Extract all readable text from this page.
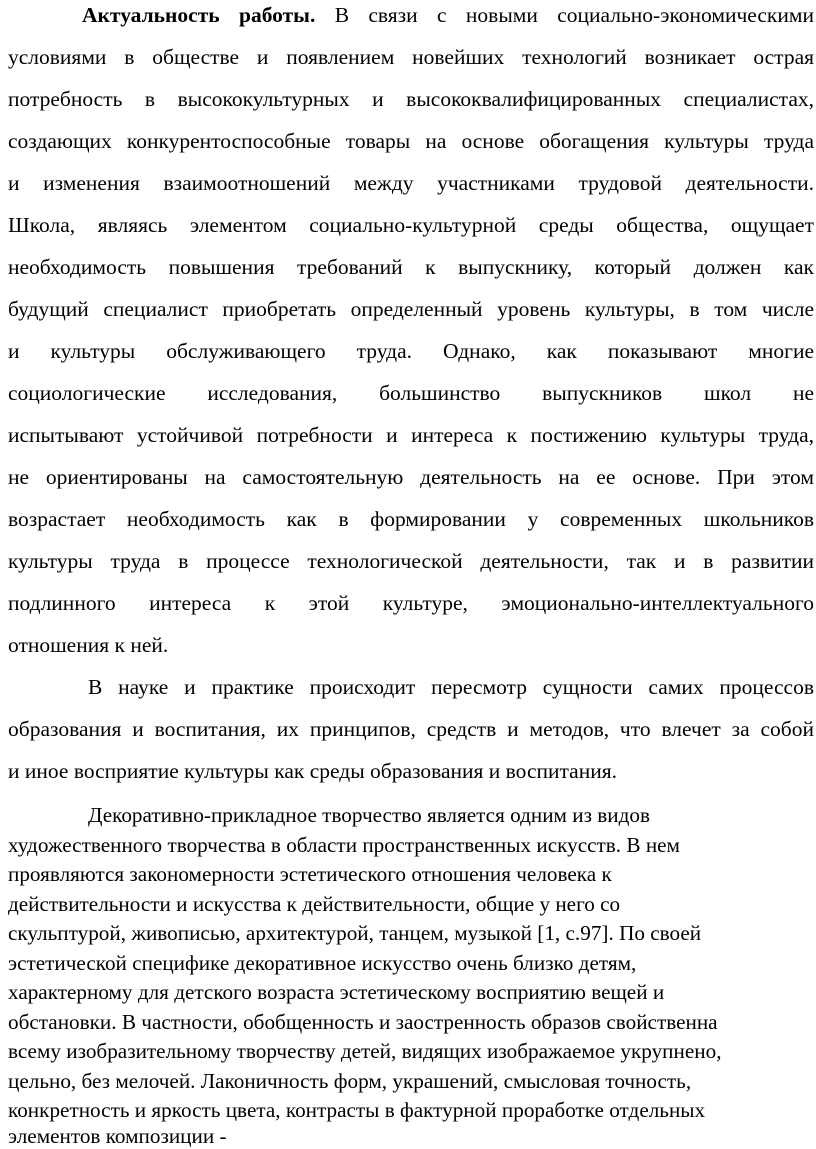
Актуальность работы. В связи с новыми социально-экономическими
условиями в обществе и появлением новейших технологий возникает острая
потребность в высококультурных и высококвалифицированных специалистах,
создающих конкурентоспособные товары на основе обогащения культуры труда
и изменения взаимоотношений между участниками трудовой деятельности.
Школа, являясь элементом социально-культурной среды общества, ощущает
необходимость повышения требований к выпускнику, который должен как
будущий специалист приобретать определенный уровень культуры, в том числе
и культуры обслуживающего труда. Однако, как показывают многие
социологические исследования, большинство выпускников школ не
испытывают устойчивой потребности и интереса к постижению культуры труда,
не ориентированы на самостоятельную деятельность на ее основе. При этом
возрастает необходимость как в формировании у современных школьников
культуры труда в процессе технологической деятельности, так и в развитии
подлинного интереса к этой культуре, эмоционально-интеллектуального
отношения к ней.
В науке и практике происходит пересмотр сущности самих процессов
образования и воспитания, их принципов, средств и методов, что влечет за собой
и иное восприятие культуры как среды образования и воспитания.
Декоративно-прикладное творчество является одним из видов
художественного творчества в области пространственных искусств. В нем
проявляются закономерности эстетического отношения человека к
действительности и искусства к действительности, общие у него со
скульптурой, живописью, архитектурой, танцем, музыкой [1, с.97]. По своей
эстетической специфике декоративное искусство очень близко детям,
характерному для детского возраста эстетическому восприятию вещей и
обстановки. В частности, обобщенность и заостренность образов свойственна
всему изобразительному творчеству детей, видящих изображаемое укрупнено,
цельно, без мелочей. Лаконичность форм, украшений, смысловая точность,
конкретность и яркость цвета, контрасты в фактурной проработке отдельных
элементов композиции -
